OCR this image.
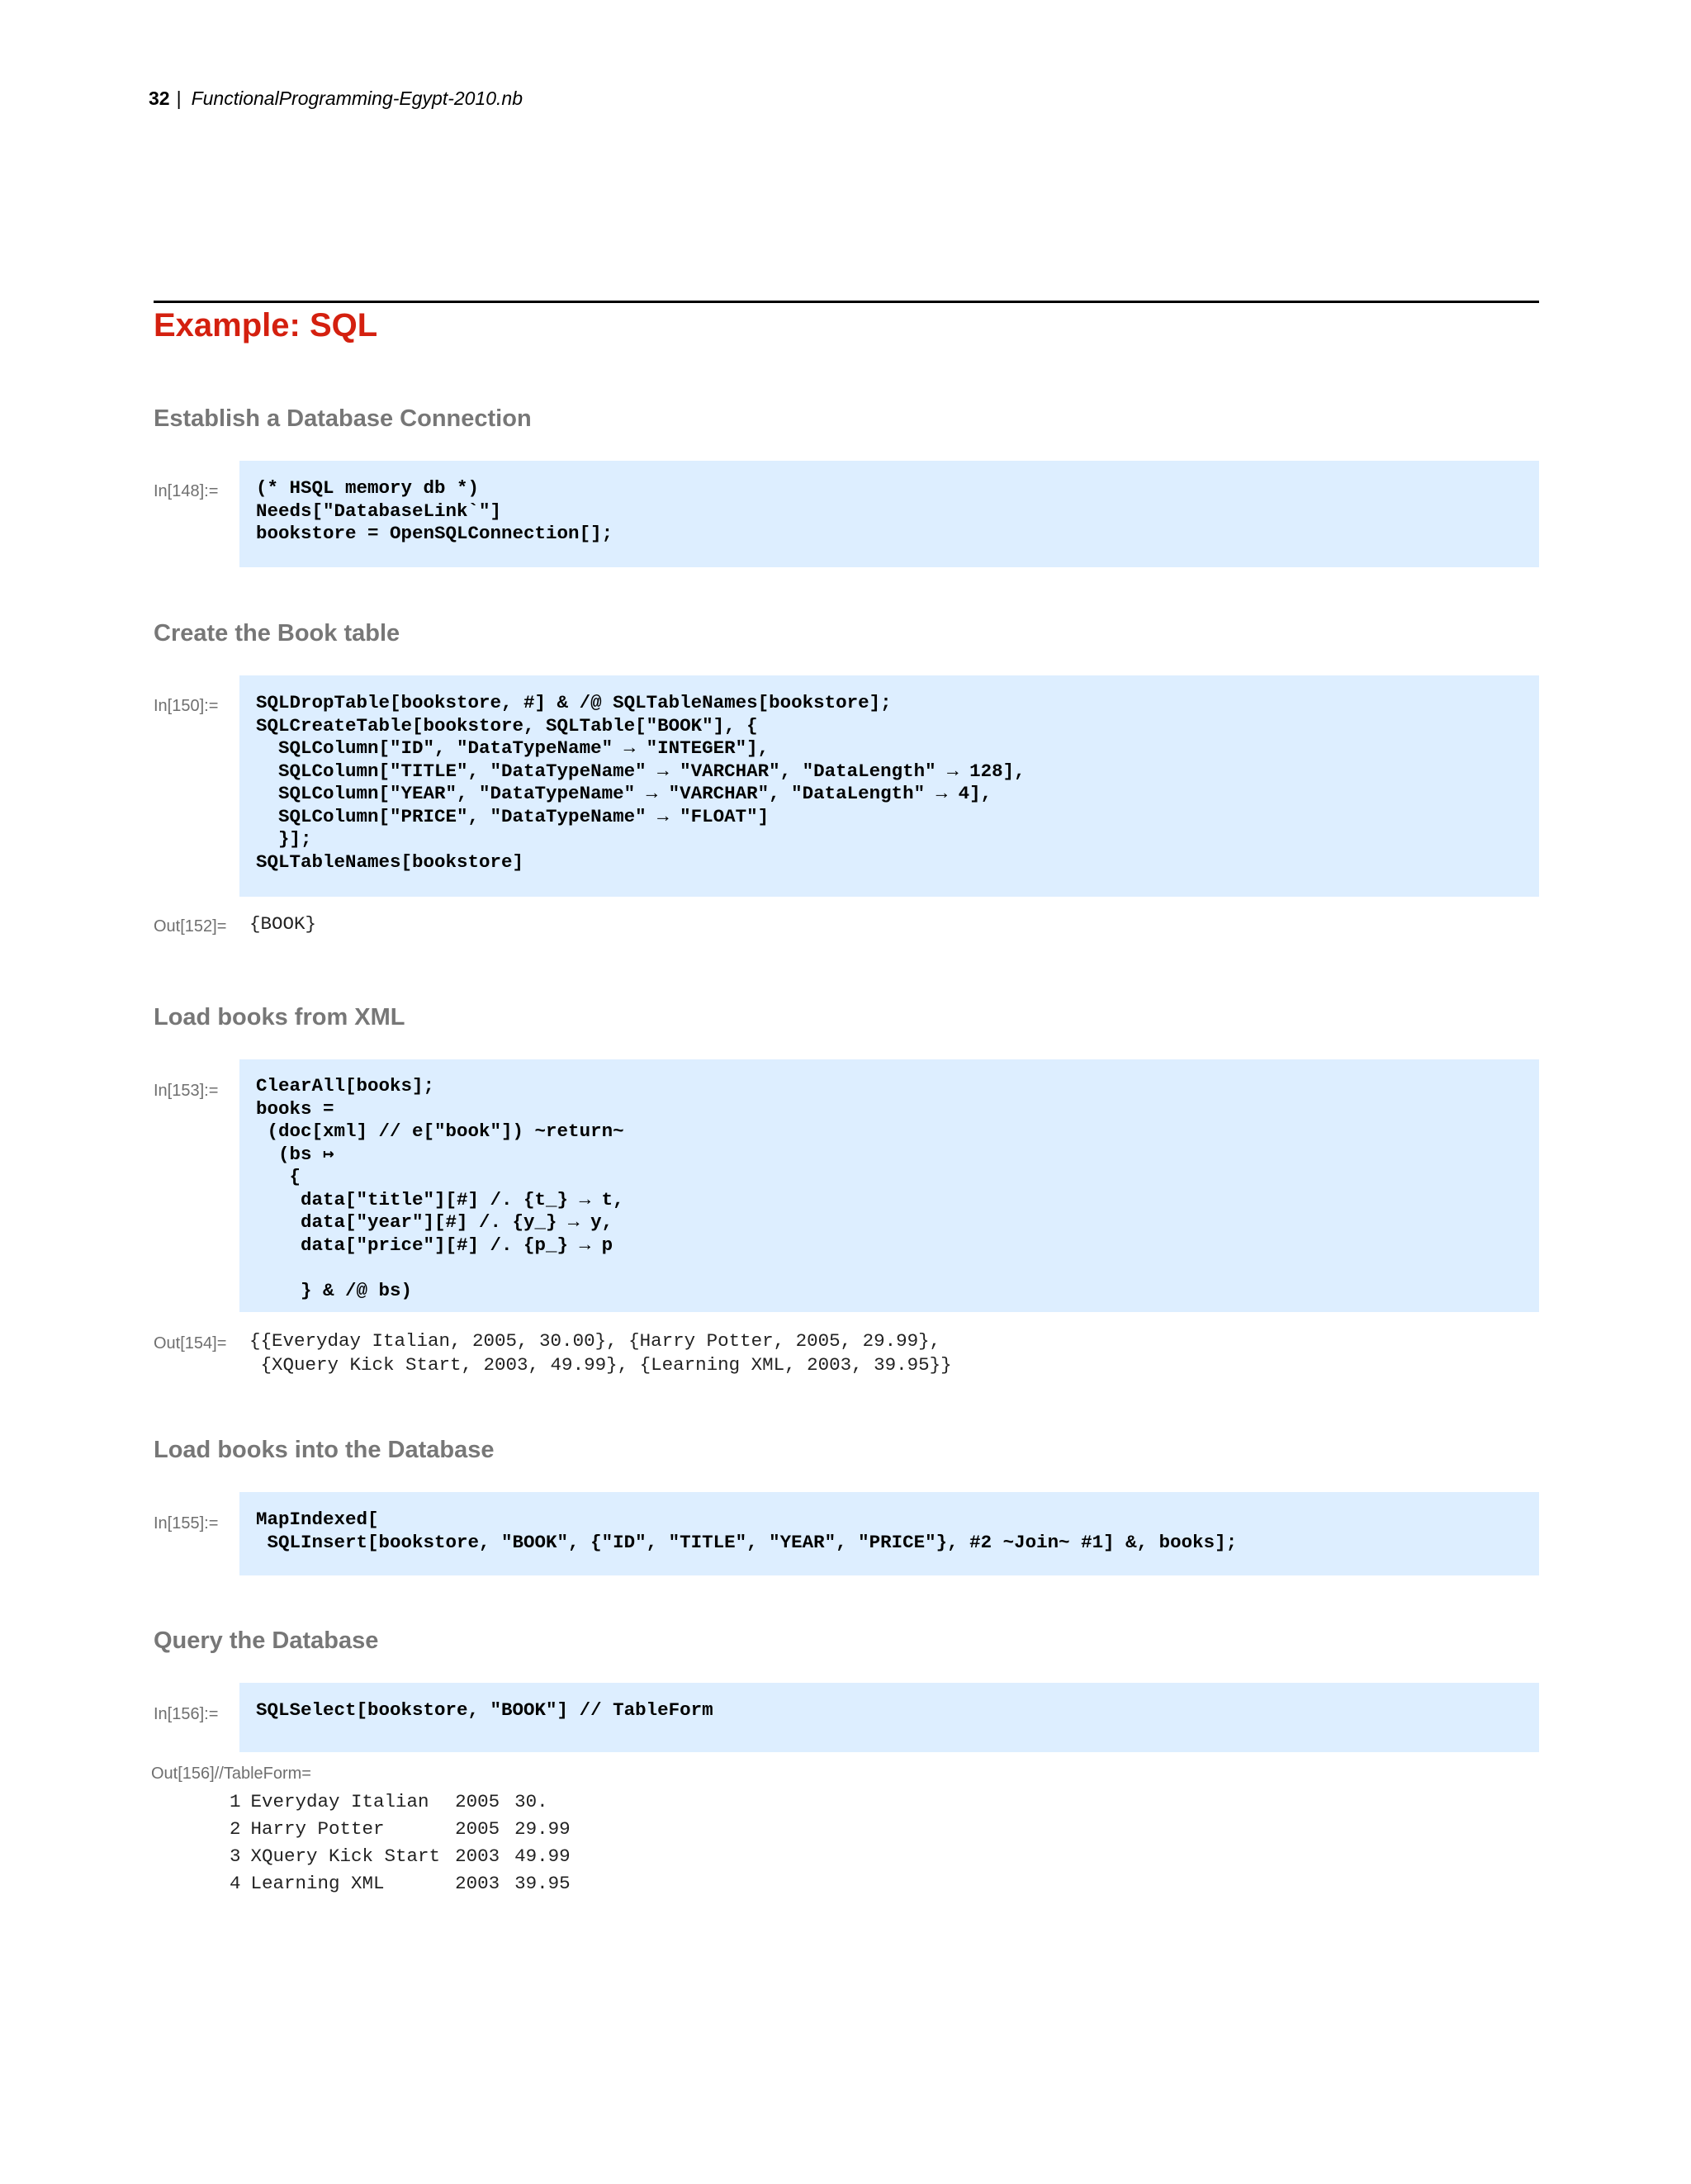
32 | FunctionalProgramming-Egypt-2010.nb
Example: SQL
Establish a Database Connection
In[148]:= (* HSQL memory db *)
Needs["DatabaseLink`"]
bookstore = OpenSQLConnection[];
Create the Book table
In[150]:= SQLDropTable[bookstore, #] & /@ SQLTableNames[bookstore];
SQLCreateTable[bookstore, SQLTable["BOOK"], {
SQLColumn["ID", "DataTypeName" → "INTEGER"],
SQLColumn["TITLE", "DataTypeName" → "VARCHAR", "DataLength" → 128],
SQLColumn["YEAR", "DataTypeName" → "VARCHAR", "DataLength" → 4],
SQLColumn["PRICE", "DataTypeName" → "FLOAT"]
}];
SQLTableNames[bookstore]
Out[152]= {BOOK}
Load books from XML
In[153]:= ClearAll[books];
books =
(doc[xml] // e["book"]) ~return~
(bs ↦
{
data["title"][#] /. {t_} → t,
data["year"][#] /. {y_} → y,
data["price"][#] /. {p_} → p

} & /@ bs)
Out[154]= {{Everyday Italian, 2005, 30.00}, {Harry Potter, 2005, 29.99},
{XQuery Kick Start, 2003, 49.99}, {Learning XML, 2003, 39.95}}
Load books into the Database
In[155]:= MapIndexed[
SQLInsert[bookstore, "BOOK", {"ID", "TITLE", "YEAR", "PRICE"}, #2 ~Join~ #1] &, books];
Query the Database
In[156]:= SQLSelect[bookstore, "BOOK"] // TableForm
Out[156]//TableForm=
1	Everyday Italian	2005	30.
2	Harry Potter	2005	29.99
3	XQuery Kick Start	2003	49.99
4	Learning XML	2003	39.95
